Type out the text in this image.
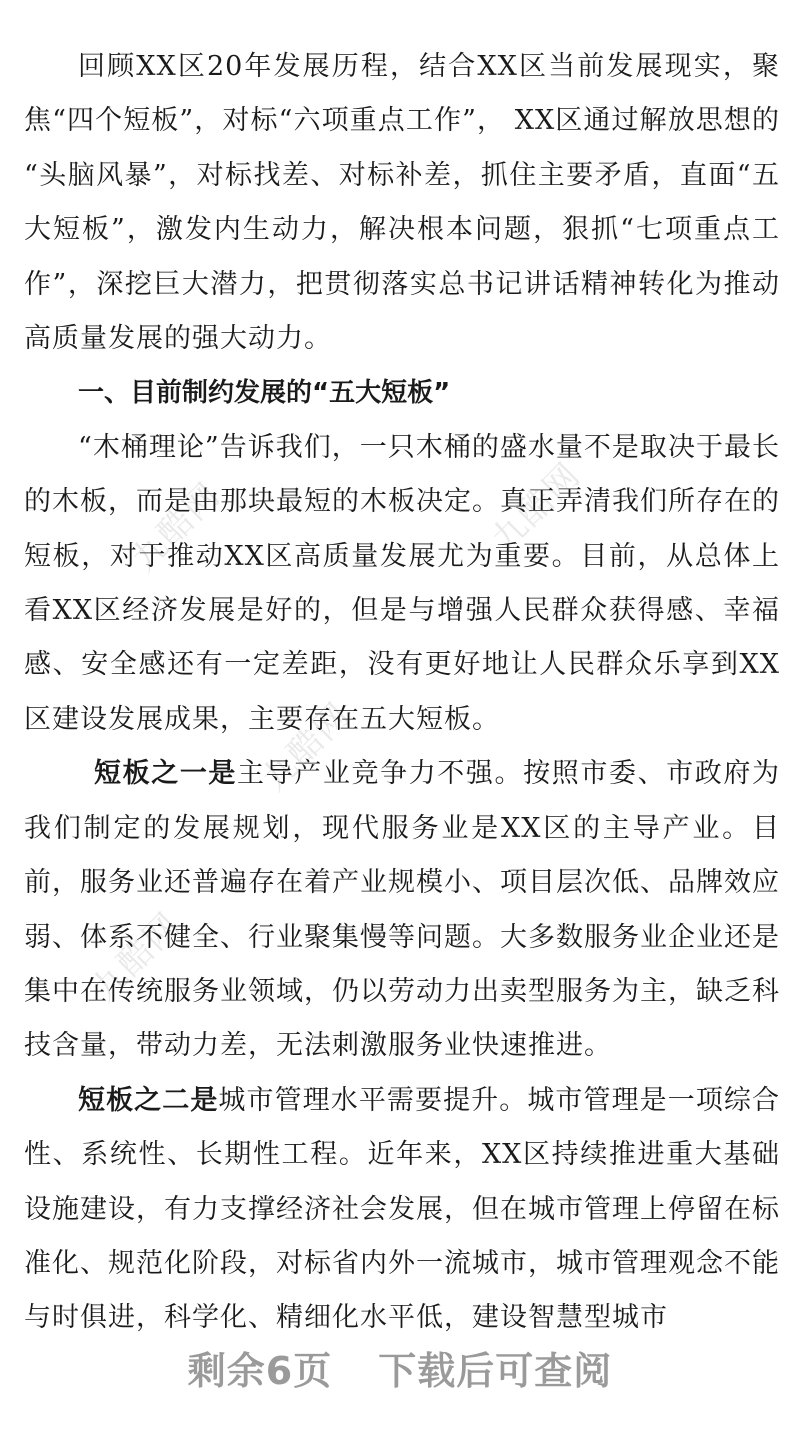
九酷网	九酷网
九酷网
九酷网

回顾XX区20年发展历程，结合XX区当前发展现实，聚焦“四个短板”，对标“六项重点工作”， XX区通过解放思想的 “头脑风暴”，对标找差、对标补差，抓住主要矛盾，直面“五大短板”，激发内生动力，解决根本问题，狠抓“七项重点工作”，深挖巨大潜力，把贯彻落实总书记讲话精神转化为推动高质量发展的强大动力。

一、目前制约发展的“五大短板”

“木桶理论”告诉我们，一只木桶的盛水量不是取决于最长的木板，而是由那块最短的木板决定。真正弄清我们所存在的短板，对于推动XX区高质量发展尤为重要。目前，从总体上看XX区经济发展是好的，但是与增强人民群众获得感、幸福感、安全感还有一定差距，没有更好地让人民群众乐享到XX区建设发展成果，主要存在五大短板。

短板之一是主导产业竞争力不强。按照市委、市政府为我们制定的发展规划，现代服务业是XX区的主导产业。目前，服务业还普遍存在着产业规模小、项目层次低、品牌效应弱、体系不健全、行业聚集慢等问题。大多数服务业企业还是集中在传统服务业领域，仍以劳动力出卖型服务为主，缺乏科技含量，带动力差，无法刺激服务业快速推进。

短板之二是城市管理水平需要提升。城市管理是一项综合性、系统性、长期性工程。近年来，XX区持续推进重大基础设施建设，有力支撑经济社会发展，但在城市管理上停留在标准化、规范化阶段，对标省内外一流城市，城市管理观念不能与时俱进，科学化、精细化水平低，建设智慧型城市

剩余6页 下载后可查阅
